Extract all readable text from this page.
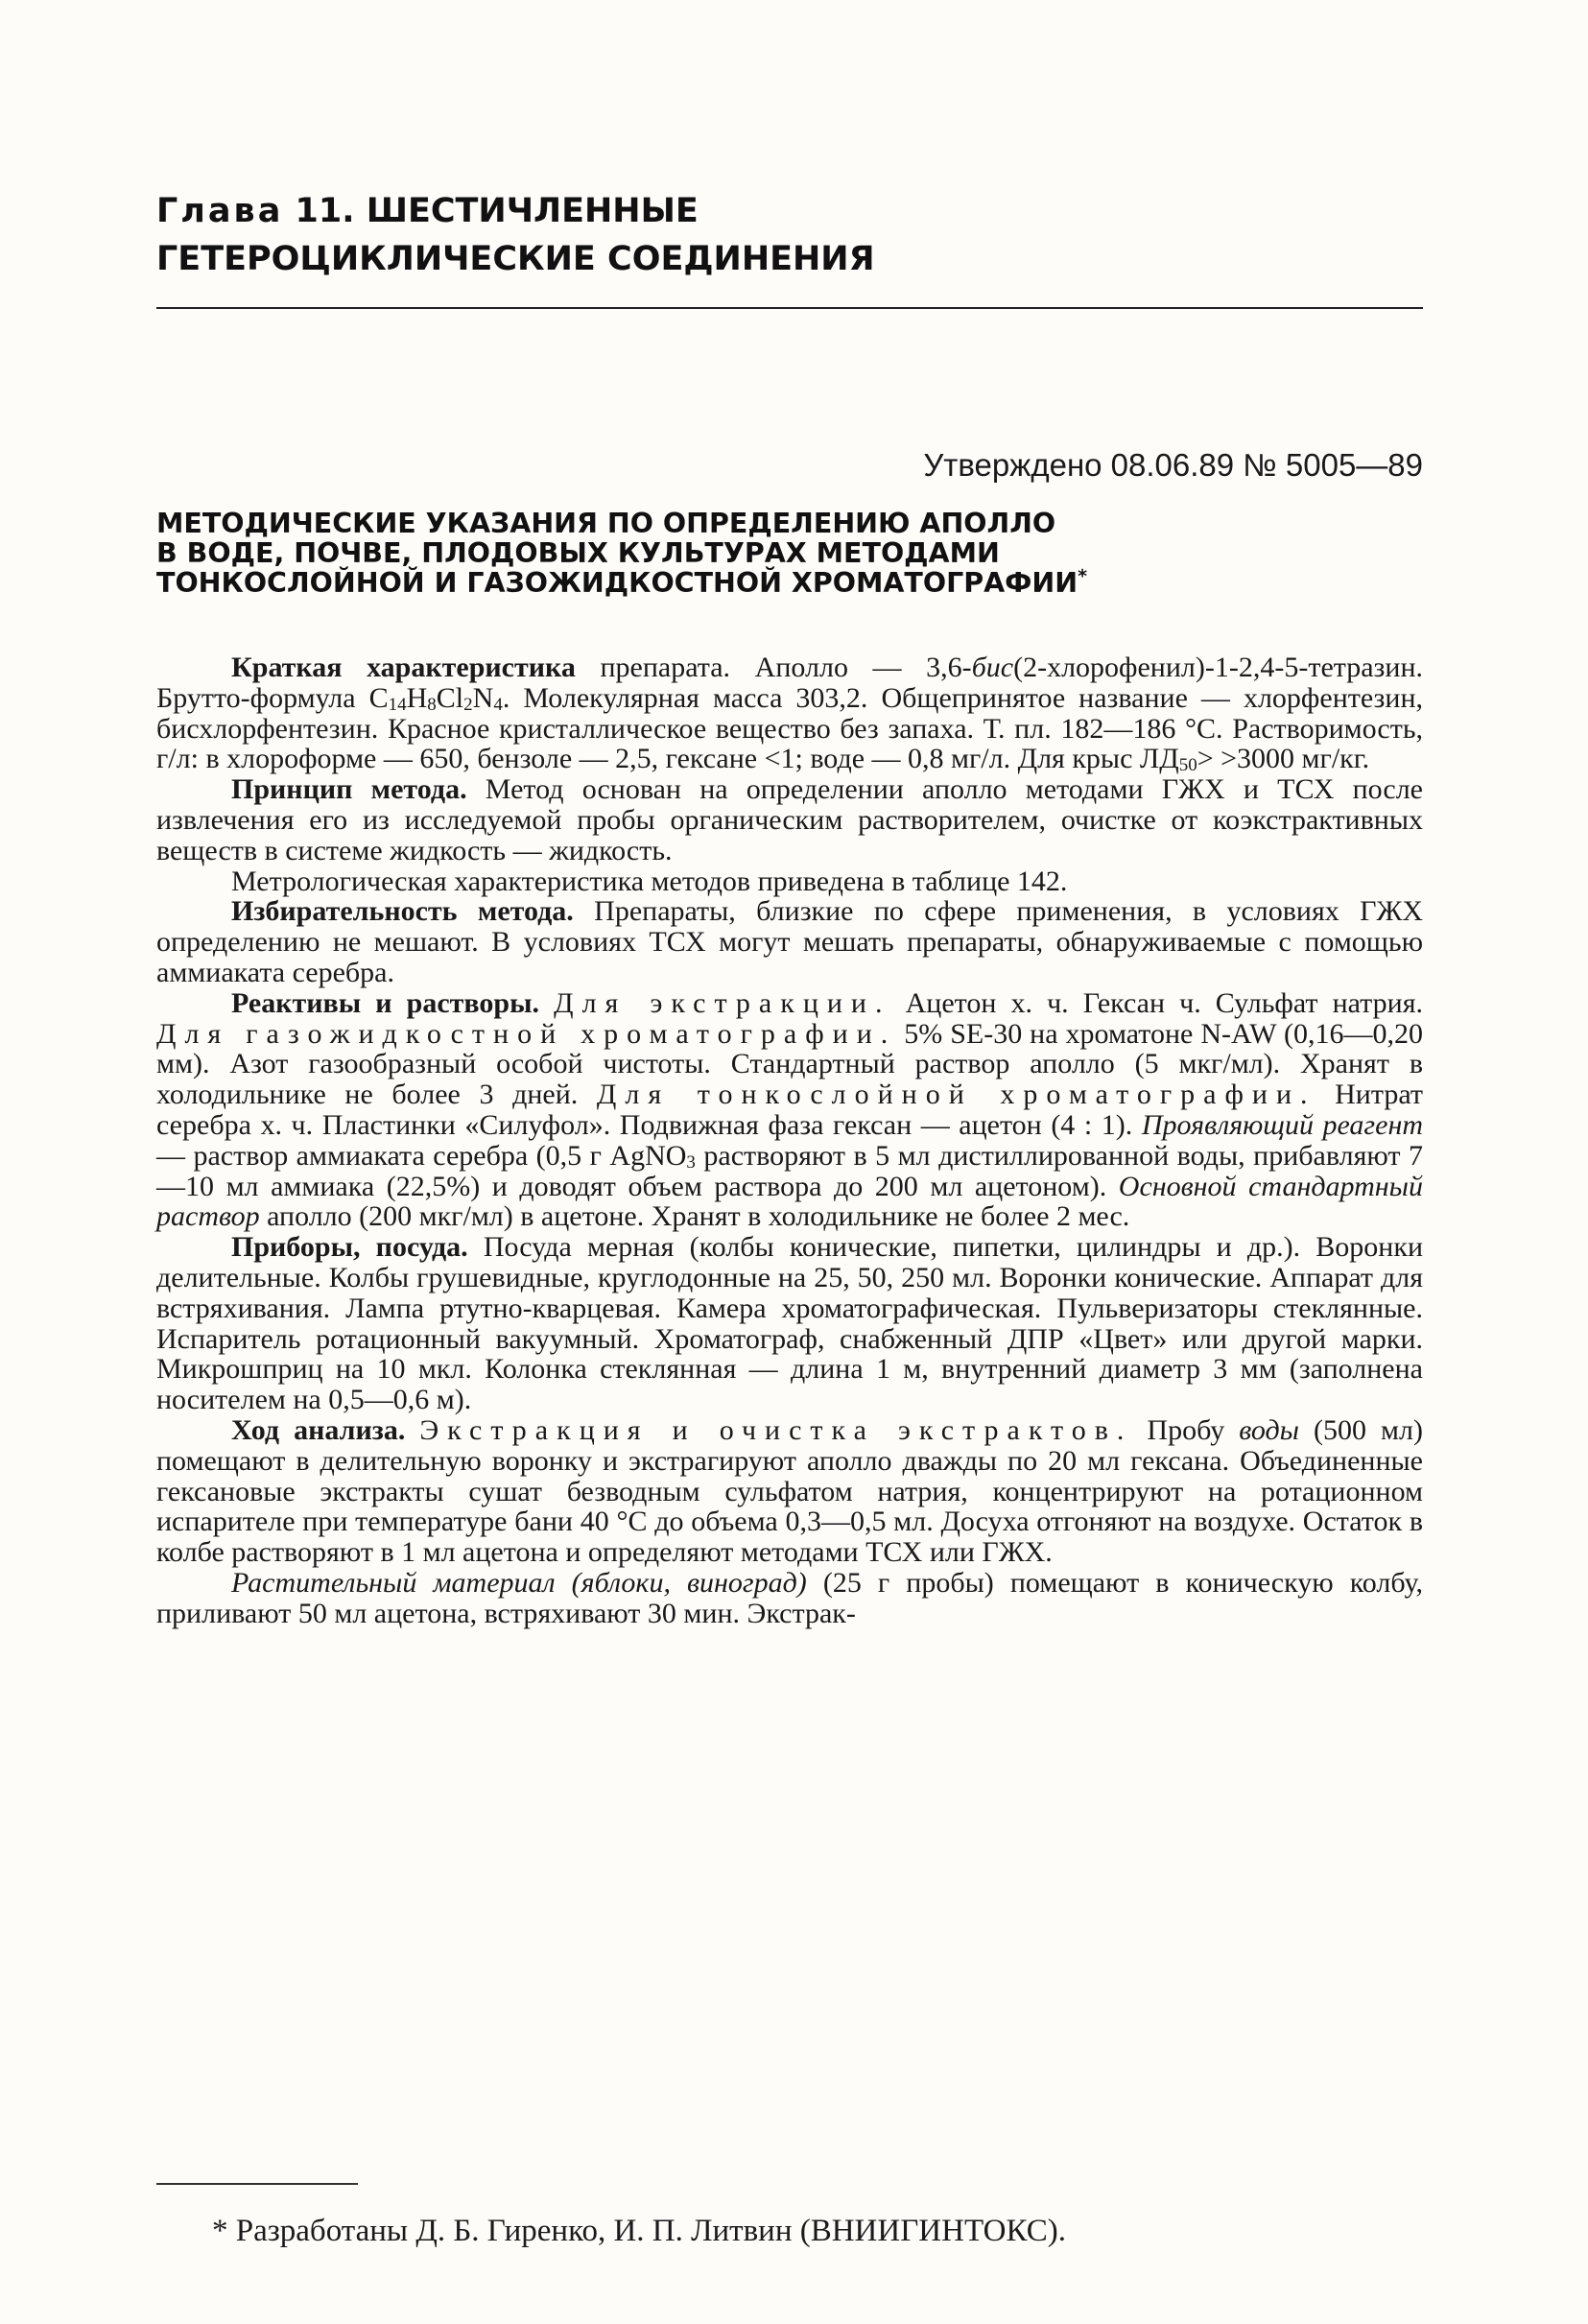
Глава 11. ШЕСТИЧЛЕННЫЕ
ГЕТЕРОЦИКЛИЧЕСКИЕ СОЕДИНЕНИЯ
Утверждено 08.06.89 № 5005—89
МЕТОДИЧЕСКИЕ УКАЗАНИЯ ПО ОПРЕДЕЛЕНИЮ АПОЛЛО
В ВОДЕ, ПОЧВЕ, ПЛОДОВЫХ КУЛЬТУРАХ МЕТОДАМИ
ТОНКОСЛОЙНОЙ И ГАЗОЖИДКОСТНОЙ ХРОМАТОГРАФИИ*

Краткая характеристика препарата. Аполло — 3,6-бис(2-хлорофенил)-1-2,4-5-тетразин. Брутто-формула $C_{14}H_8Cl_2N_4$. Молекулярная масса 303,2. Общепринятое название — хлорфентезин, бисхлорфентезин. Красное кристаллическое вещество без запаха. Т. пл. 182—186 °С. Растворимость, г/л: в хлороформе — 650, бензоле — 2,5, гексане <1; воде — 0,8 мг/л. Для крыс $ЛД_{50}> >3000$ мг/кг.

Принцип метода. Метод основан на определении аполло методами ГЖХ и ТСХ после извлечения его из исследуемой пробы органическим растворителем, очистке от коэкстрактивных веществ в системе жидкость — жидкость.

Метрологическая характеристика методов приведена в таблице 142.

Избирательность метода. Препараты, близкие по сфере применения, в условиях ГЖХ определению не мешают. В условиях ТСХ могут мешать препараты, обнаруживаемые с помощью аммиаката серебра.

Реактивы и растворы. Для экстракции. Ацетон х. ч. Гексан ч. Сульфат натрия. Для газожидкостной хроматографии. 5% SE-30 на хроматоне N-AW (0,16—0,20 мм). Азот газообразный особой чистоты. Стандартный раствор аполло (5 мкг/мл). Хранят в холодильнике не более 3 дней. Для тонкослойной хроматографии. Нитрат серебра х. ч. Пластинки «Силуфол». Подвижная фаза гексан — ацетон (4 : 1). Проявляющий реагент — раствор аммиаката серебра (0,5 г AgNO$_3$ растворяют в 5 мл дистиллированной воды, прибавляют 7—10 мл аммиака (22,5%) и доводят объем раствора до 200 мл ацетоном). Основной стандартный раствор аполло (200 мкг/мл) в ацетоне. Хранят в холодильнике не более 2 мес.

Приборы, посуда. Посуда мерная (колбы конические, пипетки, цилиндры и др.). Воронки делительные. Колбы грушевидные, круглодонные на 25, 50, 250 мл. Воронки конические. Аппарат для встряхивания. Лампа ртутно-кварцевая. Камера хроматографическая. Пульверизаторы стеклянные. Испаритель ротационный вакуумный. Хроматограф, снабженный ДПР «Цвет» или другой марки. Микрошприц на 10 мкл. Колонка стеклянная — длина 1 м, внутренний диаметр 3 мм (заполнена носителем на 0,5—0,6 м).

Ход анализа. Экстракция и очистка экстрактов. Пробу воды (500 мл) помещают в делительную воронку и экстрагируют аполло дважды по 20 мл гексана. Объединенные гексановые экстракты сушат безводным сульфатом натрия, концентрируют на ротационном испарителе при температуре бани 40 °С до объема 0,3—0,5 мл. Досуха отгоняют на воздухе. Остаток в колбе растворяют в 1 мл ацетона и определяют методами ТСХ или ГЖХ.

Растительный материал (яблоки, виноград) (25 г пробы) помещают в коническую колбу, приливают 50 мл ацетона, встряхивают 30 мин. Экстрак-

* Разработаны Д. Б. Гиренко, И. П. Литвин (ВНИИГИНТОКС).
